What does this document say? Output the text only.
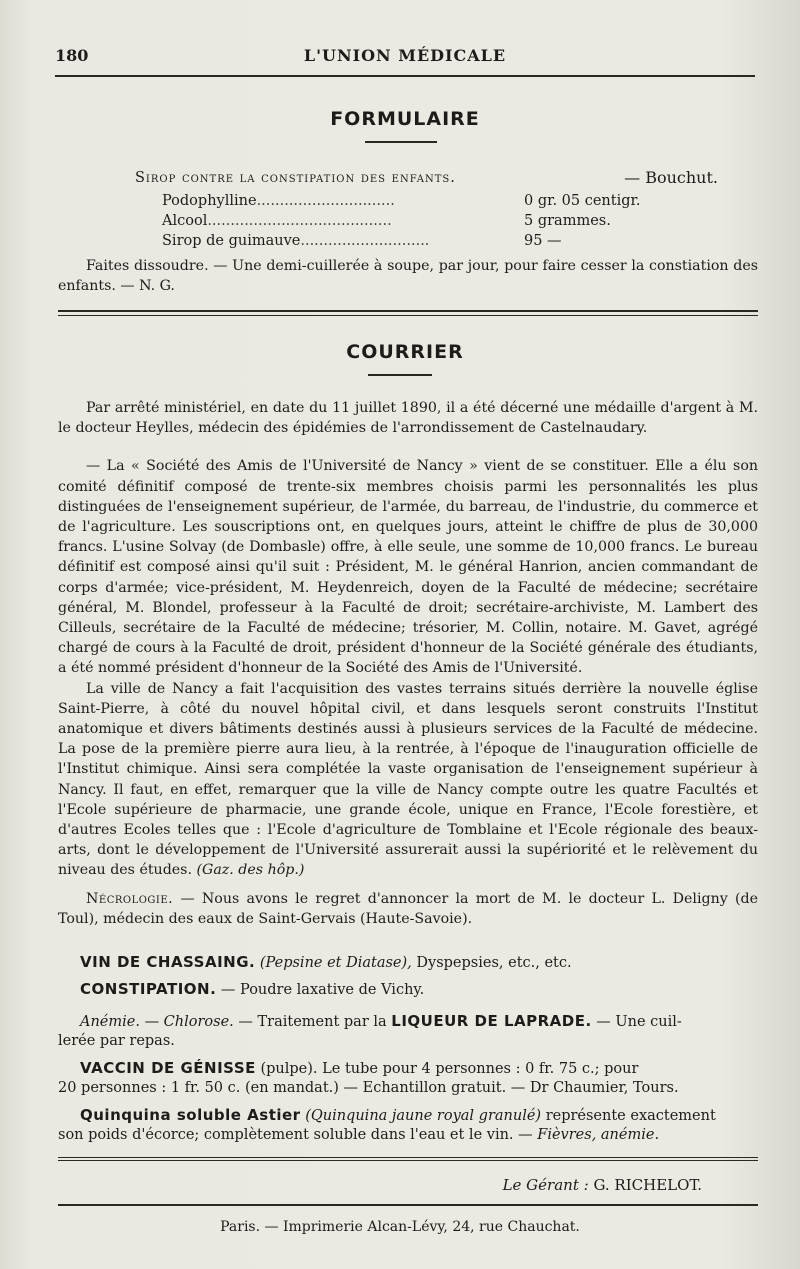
180	L'UNION MÉDICALE
FORMULAIRE
Sirop contre la constipation des enfants.	— Bouchut.
Podophylline..............................	0 gr. 05 centigr.
Alcool........................................	5 grammes.
Sirop de guimauve............................	95 —

Faites dissoudre. — Une demi-cuillerée à soupe, par jour, pour faire cesser la constiation des enfants. — N. G.

COURRIER

Par arrêté ministériel, en date du 11 juillet 1890, il a été décerné une médaille d'argent à M. le docteur Heylles, médecin des épidémies de l'arrondissement de Castelnaudary.

— La « Société des Amis de l'Université de Nancy » vient de se constituer. Elle a élu son comité définitif composé de trente-six membres choisis parmi les personnalités les plus distinguées de l'enseignement supérieur, de l'armée, du barreau, de l'industrie, du commerce et de l'agriculture. Les souscriptions ont, en quelques jours, atteint le chiffre de plus de 30,000 francs. L'usine Solvay (de Dombasle) offre, à elle seule, une somme de 10,000 francs. Le bureau définitif est composé ainsi qu'il suit : Président, M. le général Hanrion, ancien commandant de corps d'armée; vice-président, M. Heydenreich, doyen de la Faculté de médecine; secrétaire général, M. Blondel, professeur à la Faculté de droit; secrétaire-archiviste, M. Lambert des Cilleuls, secrétaire de la Faculté de médecine; trésorier, M. Collin, notaire. M. Gavet, agrégé chargé de cours à la Faculté de droit, président d'honneur de la Société générale des étudiants, a été nommé président d'honneur de la Société des Amis de l'Université.

La ville de Nancy a fait l'acquisition des vastes terrains situés derrière la nouvelle église Saint-Pierre, à côté du nouvel hôpital civil, et dans lesquels seront construits l'Institut anatomique et divers bâtiments destinés aussi à plusieurs services de la Faculté de médecine. La pose de la première pierre aura lieu, à la rentrée, à l'époque de l'inauguration officielle de l'Institut chimique. Ainsi sera complétée la vaste organisation de l'enseignement supérieur à Nancy. Il faut, en effet, remarquer que la ville de Nancy compte outre les quatre Facultés et l'Ecole supérieure de pharmacie, une grande école, unique en France, l'Ecole forestière, et d'autres Ecoles telles que : l'Ecole d'agriculture de Tomblaine et l'Ecole régionale des beaux-arts, dont le développement de l'Université assurerait aussi la supériorité et le relèvement du niveau des études. (Gaz. des hôp.)

Nécrologie. — Nous avons le regret d'annoncer la mort de M. le docteur L. Deligny (de Toul), médecin des eaux de Saint-Gervais (Haute-Savoie).

VIN DE CHASSAING. (Pepsine et Diatase), Dyspepsies, etc., etc.
CONSTIPATION. — Poudre laxative de Vichy.
Anémie. — Chlorose. — Traitement par la LIQUEUR DE LAPRADE. — Une cuil-
lerée par repas.
VACCIN DE GÉNISSE (pulpe). Le tube pour 4 personnes : 0 fr. 75 c.; pour
20 personnes : 1 fr. 50 c. (en mandat.) — Echantillon gratuit. — Dr Chaumier, Tours.
Quinquina soluble Astier (Quinquina jaune royal granulé) représente exactement
son poids d'écorce; complètement soluble dans l'eau et le vin. — Fièvres, anémie.
Le Gérant : G. RICHELOT.
Paris. — Imprimerie Alcan-Lévy, 24, rue Chauchat.
